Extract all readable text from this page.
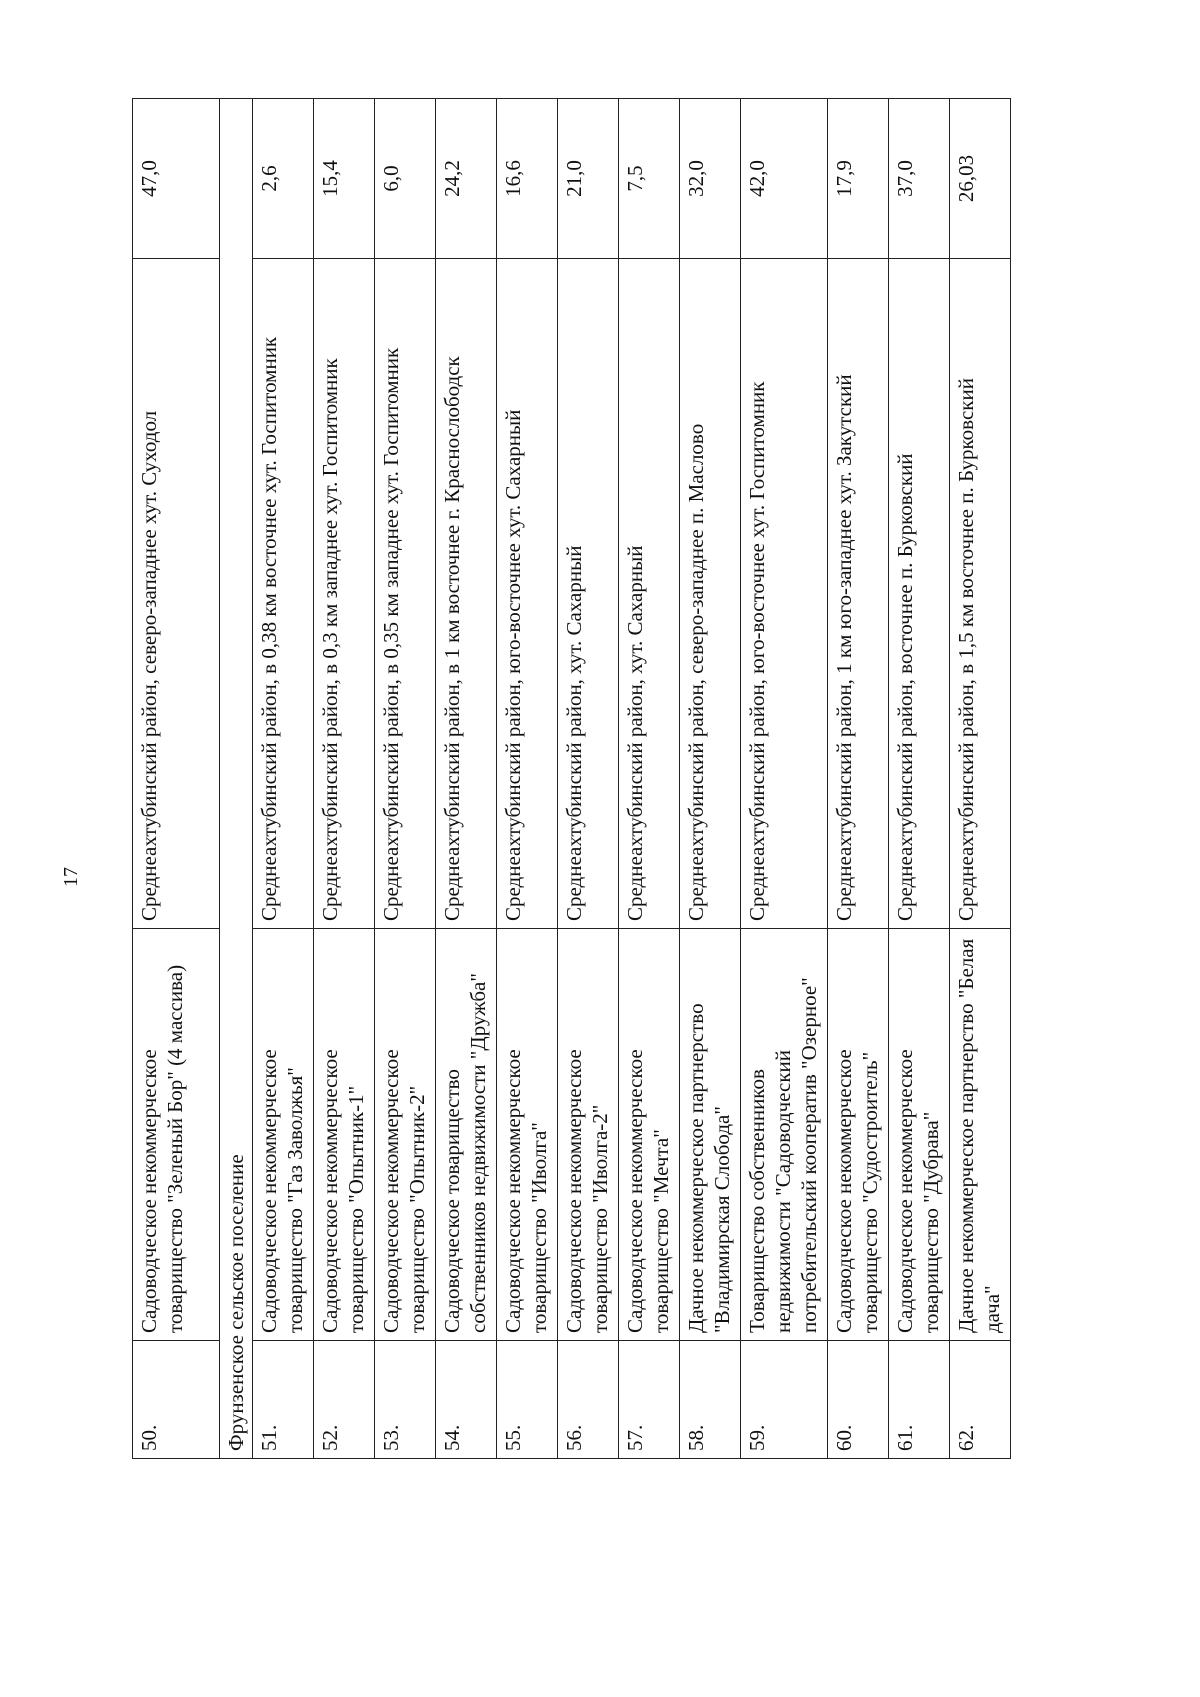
17
50.	Садоводческое некоммерческое товарищество "Зеленый Бор" (4 массива)	Среднеахтубинский район, северо-западнее хут. Суходол	47,0
Фрунзенское сельское поселение			
51.	Садоводческое некоммерческое товарищество "Газ Заволжья"	Среднеахтубинский район, в 0,38 км восточнее хут. Госпитомник	2,6
52.	Садоводческое некоммерческое товарищество "Опытник-1"	Среднеахтубинский район, в 0,3 км западнее хут. Госпитомник	15,4
53.	Садоводческое некоммерческое товарищество "Опытник-2"	Среднеахтубинский район, в 0,35 км западнее хут. Госпитомник	6,0
54.	Садоводческое товарищество собственников недвижимости "Дружба"	Среднеахтубинский район, в 1 км восточнее г. Краснослободск	24,2
55.	Садоводческое некоммерческое товарищество "Иволга"	Среднеахтубинский район, юго-восточнее хут. Сахарный	16,6
56.	Садоводческое некоммерческое товарищество "Иволга-2"	Среднеахтубинский район, хут. Сахарный	21,0
57.	Садоводческое некоммерческое товарищество "Мечта"	Среднеахтубинский район, хут. Сахарный	7,5
58.	Дачное некоммерческое партнерство "Владимирская Слобода"	Среднеахтубинский район, северо-западнее п. Маслово	32,0
59.	Товарищество собственников недвижимости "Садоводческий потребительский кооператив "Озерное"	Среднеахтубинский район, юго-восточнее хут. Госпитомник	42,0
60.	Садоводческое некоммерческое товарищество "Судостроитель"	Среднеахтубинский район, 1 км юго-западнее хут. Закутский	17,9
61.	Садоводческое некоммерческое товарищество "Дубрава"	Среднеахтубинский район, восточнее п. Бурковский	37,0
62.	Дачное некоммерческое партнерство "Белая дача"	Среднеахтубинский район, в 1,5 км восточнее п. Бурковский	26,03
